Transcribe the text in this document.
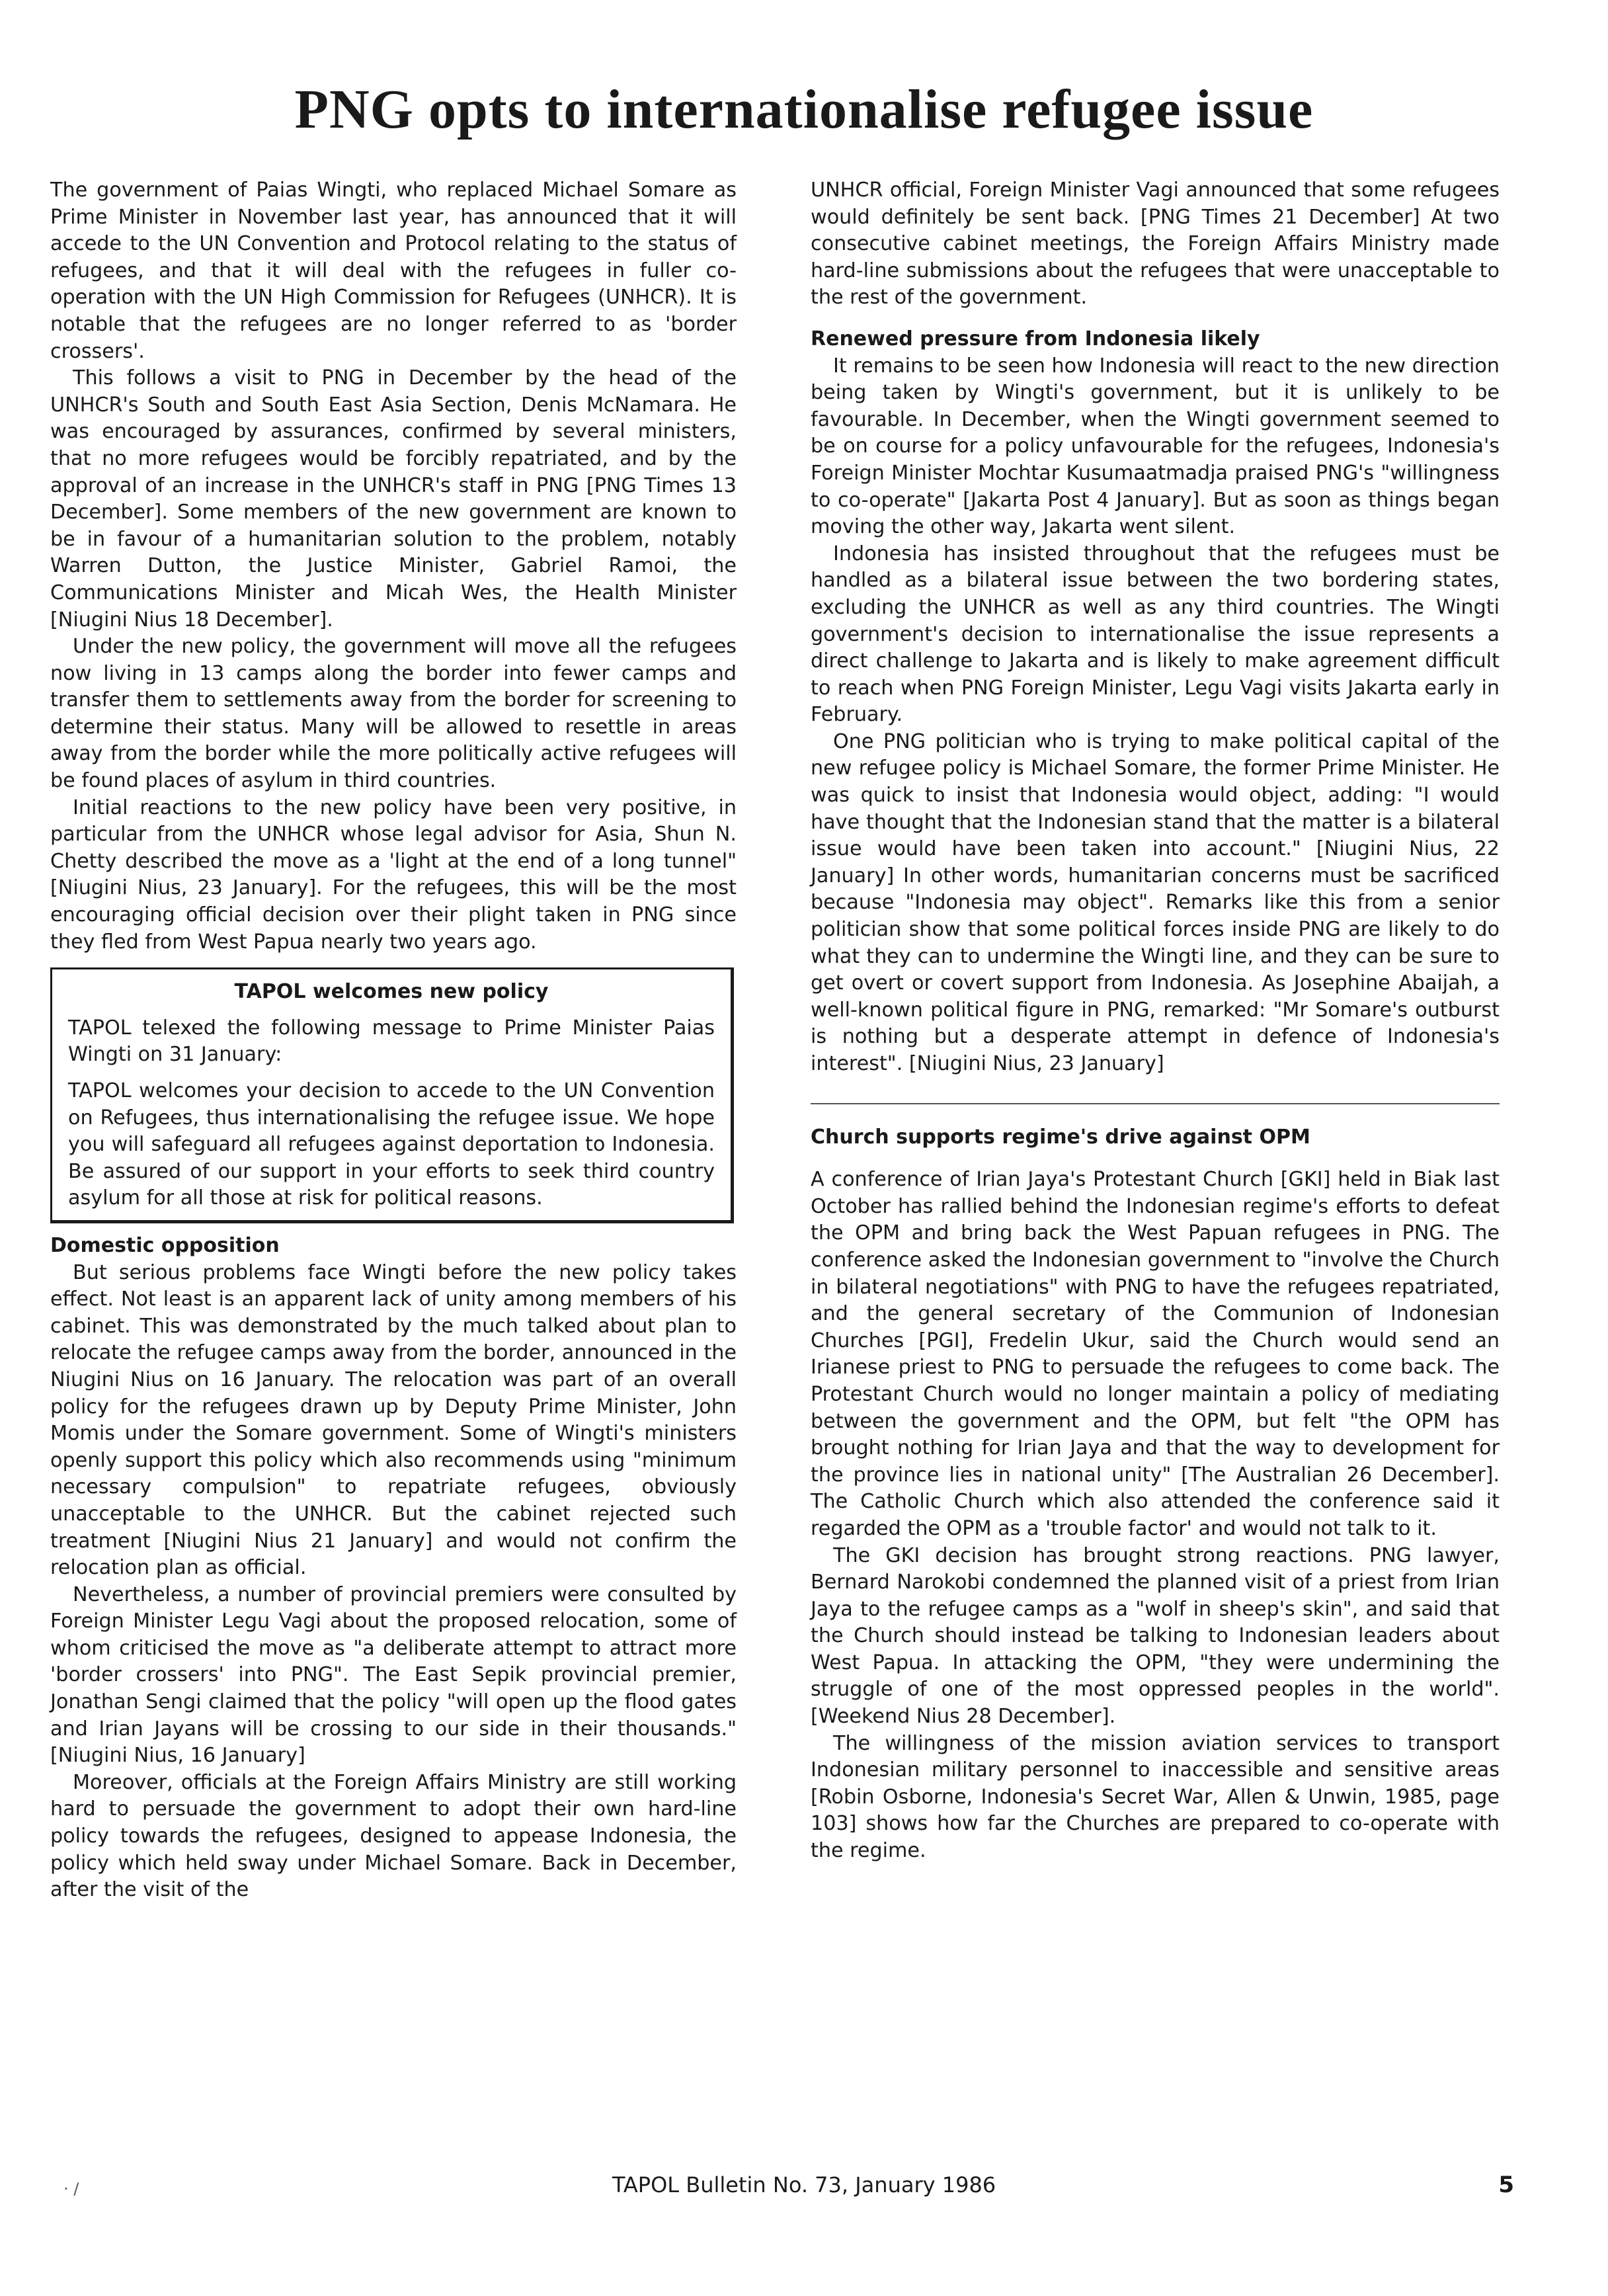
PNG opts to internationalise refugee issue

The government of Paias Wingti, who replaced Michael Somare as Prime Minister in November last year, has announced that it will accede to the UN Convention and Protocol relating to the status of refugees, and that it will deal with the refugees in fuller co-operation with the UN High Commission for Refugees (UNHCR). It is notable that the refugees are no longer referred to as 'border crossers'.

This follows a visit to PNG in December by the head of the UNHCR's South and South East Asia Section, Denis McNamara. He was encouraged by assurances, confirmed by several ministers, that no more refugees would be forcibly repatriated, and by the approval of an increase in the UNHCR's staff in PNG [PNG Times 13 December]. Some members of the new government are known to be in favour of a humanitarian solution to the problem, notably Warren Dutton, the Justice Minister, Gabriel Ramoi, the Communications Minister and Micah Wes, the Health Minister [Niugini Nius 18 December].

Under the new policy, the government will move all the refugees now living in 13 camps along the border into fewer camps and transfer them to settlements away from the border for screening to determine their status. Many will be allowed to resettle in areas away from the border while the more politically active refugees will be found places of asylum in third countries.

Initial reactions to the new policy have been very positive, in particular from the UNHCR whose legal advisor for Asia, Shun N. Chetty described the move as a 'light at the end of a long tunnel" [Niugini Nius, 23 January]. For the refugees, this will be the most encouraging official decision over their plight taken in PNG since they fled from West Papua nearly two years ago.

TAPOL welcomes new policy

TAPOL telexed the following message to Prime Minister Paias Wingti on 31 January:

TAPOL welcomes your decision to accede to the UN Convention on Refugees, thus internationalising the refugee issue. We hope you will safeguard all refugees against deportation to Indonesia. Be assured of our support in your efforts to seek third country asylum for all those at risk for political reasons.

Domestic opposition

But serious problems face Wingti before the new policy takes effect. Not least is an apparent lack of unity among members of his cabinet. This was demonstrated by the much talked about plan to relocate the refugee camps away from the border, announced in the Niugini Nius on 16 January. The relocation was part of an overall policy for the refugees drawn up by Deputy Prime Minister, John Momis under the Somare government. Some of Wingti's ministers openly support this policy which also recommends using "minimum necessary compulsion" to repatriate refugees, obviously unacceptable to the UNHCR. But the cabinet rejected such treatment [Niugini Nius 21 January] and would not confirm the relocation plan as official.

Nevertheless, a number of provincial premiers were consulted by Foreign Minister Legu Vagi about the proposed relocation, some of whom criticised the move as "a deliberate attempt to attract more 'border crossers' into PNG". The East Sepik provincial premier, Jonathan Sengi claimed that the policy "will open up the flood gates and Irian Jayans will be crossing to our side in their thousands." [Niugini Nius, 16 January]

Moreover, officials at the Foreign Affairs Ministry are still working hard to persuade the government to adopt their own hard-line policy towards the refugees, designed to appease Indonesia, the policy which held sway under Michael Somare. Back in December, after the visit of the

UNHCR official, Foreign Minister Vagi announced that some refugees would definitely be sent back. [PNG Times 21 December] At two consecutive cabinet meetings, the Foreign Affairs Ministry made hard-line submissions about the refugees that were unacceptable to the rest of the government.

Renewed pressure from Indonesia likely

It remains to be seen how Indonesia will react to the new direction being taken by Wingti's government, but it is unlikely to be favourable. In December, when the Wingti government seemed to be on course for a policy unfavourable for the refugees, Indonesia's Foreign Minister Mochtar Kusumaatmadja praised PNG's "willingness to co-operate" [Jakarta Post 4 January]. But as soon as things began moving the other way, Jakarta went silent.

Indonesia has insisted throughout that the refugees must be handled as a bilateral issue between the two bordering states, excluding the UNHCR as well as any third countries. The Wingti government's decision to internationalise the issue represents a direct challenge to Jakarta and is likely to make agreement difficult to reach when PNG Foreign Minister, Legu Vagi visits Jakarta early in February.

One PNG politician who is trying to make political capital of the new refugee policy is Michael Somare, the former Prime Minister. He was quick to insist that Indonesia would object, adding: "I would have thought that the Indonesian stand that the matter is a bilateral issue would have been taken into account." [Niugini Nius, 22 January] In other words, humanitarian concerns must be sacrificed because "Indonesia may object". Remarks like this from a senior politician show that some political forces inside PNG are likely to do what they can to undermine the Wingti line, and they can be sure to get overt or covert support from Indonesia. As Josephine Abaijah, a well-known political figure in PNG, remarked: "Mr Somare's outburst is nothing but a desperate attempt in defence of Indonesia's interest". [Niugini Nius, 23 January]

Church supports regime's drive against OPM

A conference of Irian Jaya's Protestant Church [GKI] held in Biak last October has rallied behind the Indonesian regime's efforts to defeat the OPM and bring back the West Papuan refugees in PNG. The conference asked the Indonesian government to "involve the Church in bilateral negotiations" with PNG to have the refugees repatriated, and the general secretary of the Communion of Indonesian Churches [PGI], Fredelin Ukur, said the Church would send an Irianese priest to PNG to persuade the refugees to come back. The Protestant Church would no longer maintain a policy of mediating between the government and the OPM, but felt "the OPM has brought nothing for Irian Jaya and that the way to development for the province lies in national unity" [The Australian 26 December]. The Catholic Church which also attended the conference said it regarded the OPM as a 'trouble factor' and would not talk to it.

The GKI decision has brought strong reactions. PNG lawyer, Bernard Narokobi condemned the planned visit of a priest from Irian Jaya to the refugee camps as a "wolf in sheep's skin", and said that the Church should instead be talking to Indonesian leaders about West Papua. In attacking the OPM, "they were undermining the struggle of one of the most oppressed peoples in the world". [Weekend Nius 28 December].

The willingness of the mission aviation services to transport Indonesian military personnel to inaccessible and sensitive areas [Robin Osborne, Indonesia's Secret War, Allen & Unwin, 1985, page 103] shows how far the Churches are prepared to co-operate with the regime.

· /	TAPOL Bulletin No. 73, January 1986	5
